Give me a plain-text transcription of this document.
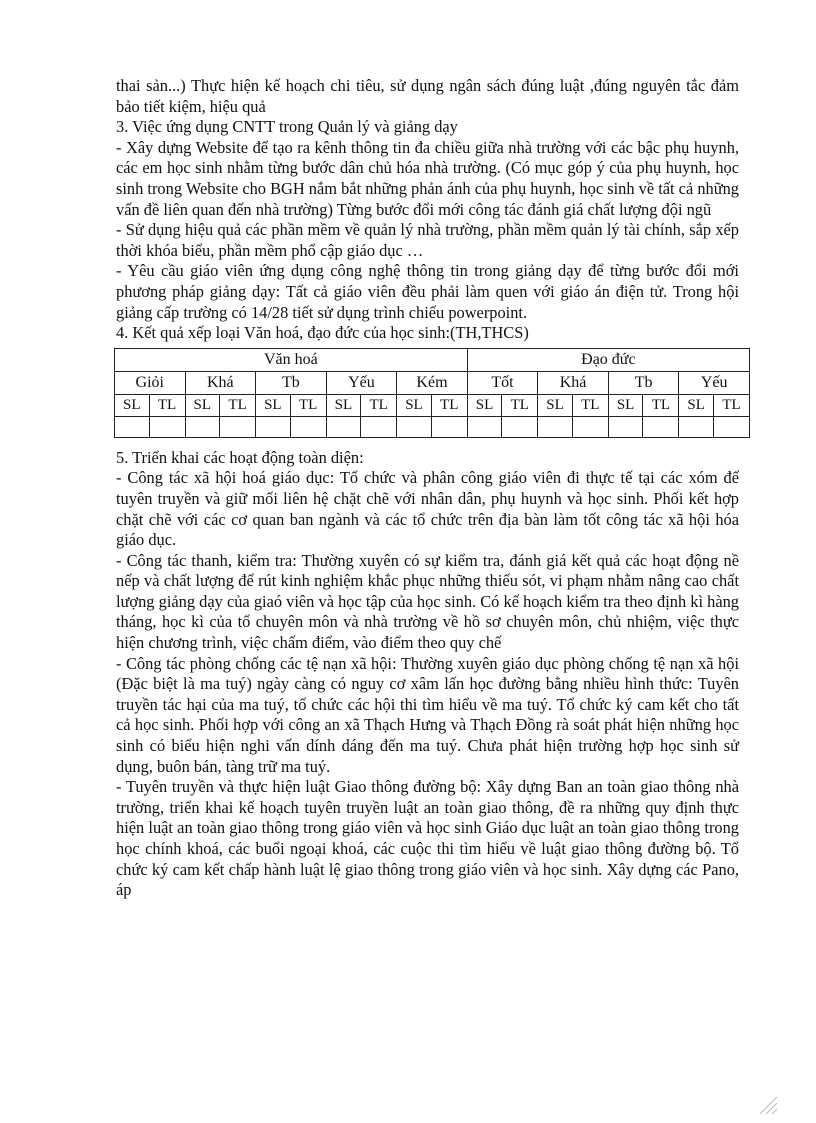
thai sản...) Thực hiện kế hoạch chi tiêu, sử dụng ngân sách đúng luật ,đúng nguyên tắc đảm bảo tiết kiệm, hiệu quả

3. Việc ứng dụng CNTT trong Quản lý và giảng dạy

- Xây dựng Website để tạo ra kênh thông tin đa chiều giữa nhà trường với các bậc phụ huynh, các em học sinh nhằm từng bước dân chủ hóa nhà trường. (Có mục góp ý của phụ huynh, học sinh trong Website cho BGH nắm bắt những phản ánh của phụ huynh, học sinh về tất cả những vấn đề liên quan đến nhà trường) Từng bước đổi mới công tác đánh giá chất lượng đội ngũ

- Sử dụng hiệu quả các phần mềm về quản lý nhà trường, phần mềm quản lý tài chính, sắp xếp thời khóa biểu, phần mềm phổ cập giáo dục …

- Yêu cầu giáo viên ứng dụng công nghệ thông tin trong giảng dạy để từng bước đổi mới phương pháp giảng dạy: Tất cả giáo viên đều phải làm quen với giáo án điện tử. Trong hội giảng cấp trường có 14/28 tiết sử dụng trình chiếu powerpoint.

4. Kết quả xếp loại Văn hoá, đạo đức của học sinh:(TH,THCS)

Văn hoá										Đạo đức							
Giỏi		Khá		Tb		Yếu		Kém		Tốt		Khá		Tb		Yếu	
SL	TL	SL	TL	SL	TL	SL	TL	SL	TL	SL	TL	SL	TL	SL	TL	SL	TL

5. Triển khai các hoạt động toàn diện:

- Công tác xã hội hoá giáo dục: Tổ chức và phân công giáo viên đi thực tế tại các xóm để tuyên truyền và giữ mối liên hệ chặt chẽ với nhân dân, phụ huynh và học sinh. Phối kết hợp chặt chẽ với các cơ quan ban ngành và các tổ chức trên địa bàn làm tốt công tác xã hội hóa giáo dục.

- Công tác thanh, kiểm tra: Thường xuyên có sự kiểm tra, đánh giá kết quả các hoạt động nề nếp và chất lượng để rút kinh nghiệm khắc phục những thiếu sót, vi phạm nhằm nâng cao chất lượng giảng dạy của giaó viên và học tập của học sinh. Có kế hoạch kiểm tra theo định kì hàng tháng, học kì của tổ chuyên môn và nhà trường về hồ sơ chuyên môn, chủ nhiệm, việc thực hiện chương trình, việc chấm điểm, vào điểm theo quy chế

- Công tác phòng chống các tệ nạn xã hội: Thường xuyên giáo dục phòng chống tệ nạn xã hội (Đặc biệt là ma tuý) ngày càng có nguy cơ xâm lấn học đường bằng nhiều hình thức: Tuyên truyền tác hại của ma tuý, tổ chức các hội thi tìm hiểu về ma tuý. Tổ chức ký cam kết cho tất cả học sinh. Phối hợp với công an xã Thạch Hưng và Thạch Đồng rà soát phát hiện những học sinh có biểu hiện nghi vấn dính dáng đến ma tuý. Chưa phát hiện trường hợp học sinh sử dụng, buôn bán, tàng trữ ma tuý.

- Tuyên truyền và thực hiện luật Giao thông đường bộ: Xây dựng Ban an toàn giao thông nhà trường, triển khai kế hoạch tuyên truyền luật an toàn giao thông, đề ra những quy định thực hiện luật an toàn giao thông trong giáo viên và học sinh Giáo dục luật an toàn giao thông trong học chính khoá, các buổi ngoại khoá, các cuộc thi tìm hiểu về luật giao thông đường bộ. Tổ chức ký cam kết chấp hành luật lệ giao thông trong giáo viên và học sinh. Xây dựng các Pano, áp
